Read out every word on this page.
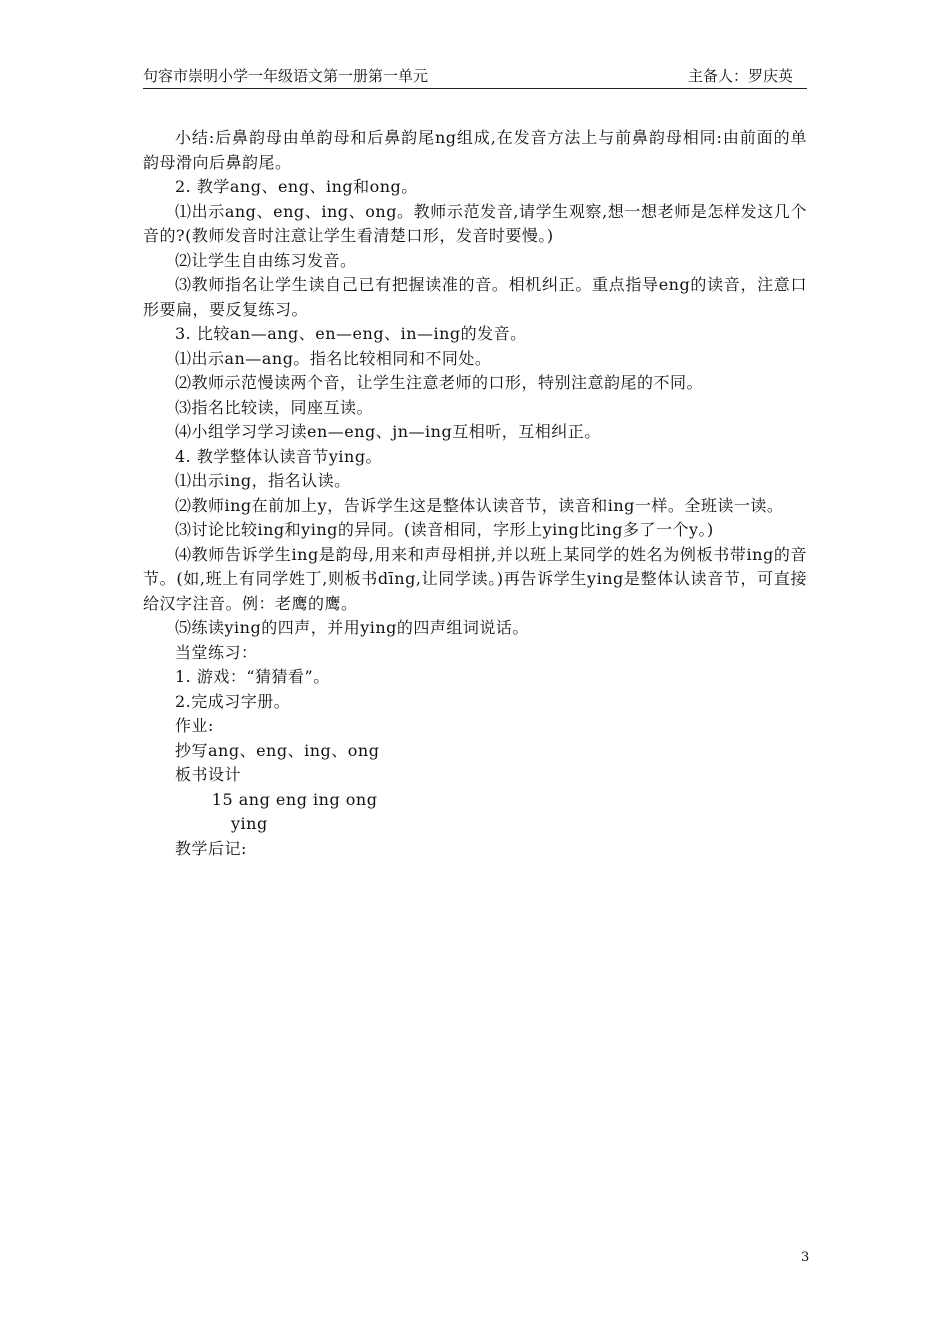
句容市崇明小学一年级语文第一册第一单元	主备人：罗庆英

小结:后鼻韵母由单韵母和后鼻韵尾ng组成,在发音方法上与前鼻韵母相同:由前面的单韵母滑向后鼻韵尾。

2. 教学ang、eng、ing和ong。

⑴出示ang、eng、ing、ong。教师示范发音,请学生观察,想一想老师是怎样发这几个音的?(教师发音时注意让学生看清楚口形，发音时要慢。)

⑵让学生自由练习发音。

⑶教师指名让学生读自己已有把握读准的音。相机纠正。重点指导eng的读音，注意口形要扁，要反复练习。

3. 比较an—ang、en—eng、in—ing的发音。

⑴出示an—ang。指名比较相同和不同处。

⑵教师示范慢读两个音，让学生注意老师的口形，特别注意韵尾的不同。

⑶指名比较读，同座互读。

⑷小组学习学习读en—eng、jn—ing互相听，互相纠正。

4. 教学整体认读音节ying。

⑴出示ing，指名认读。

⑵教师ing在前加上y，告诉学生这是整体认读音节，读音和ing一样。全班读一读。

⑶讨论比较ing和ying的异同。(读音相同，字形上ying比ing多了一个y。)

⑷教师告诉学生ing是韵母,用来和声母相拼,并以班上某同学的姓名为例板书带ing的音节。(如,班上有同学姓丁,则板书dīng,让同学读。)再告诉学生ying是整体认读音节，可直接给汉字注音。例：老鹰的鹰。

⑸练读ying的四声，并用ying的四声组词说话。

当堂练习：

1. 游戏：“猜猜看”。

2.完成习字册。

作业:

抄写ang、eng、ing、ong

板书设计

15 ang eng ing ong

ying

教学后记:

3
